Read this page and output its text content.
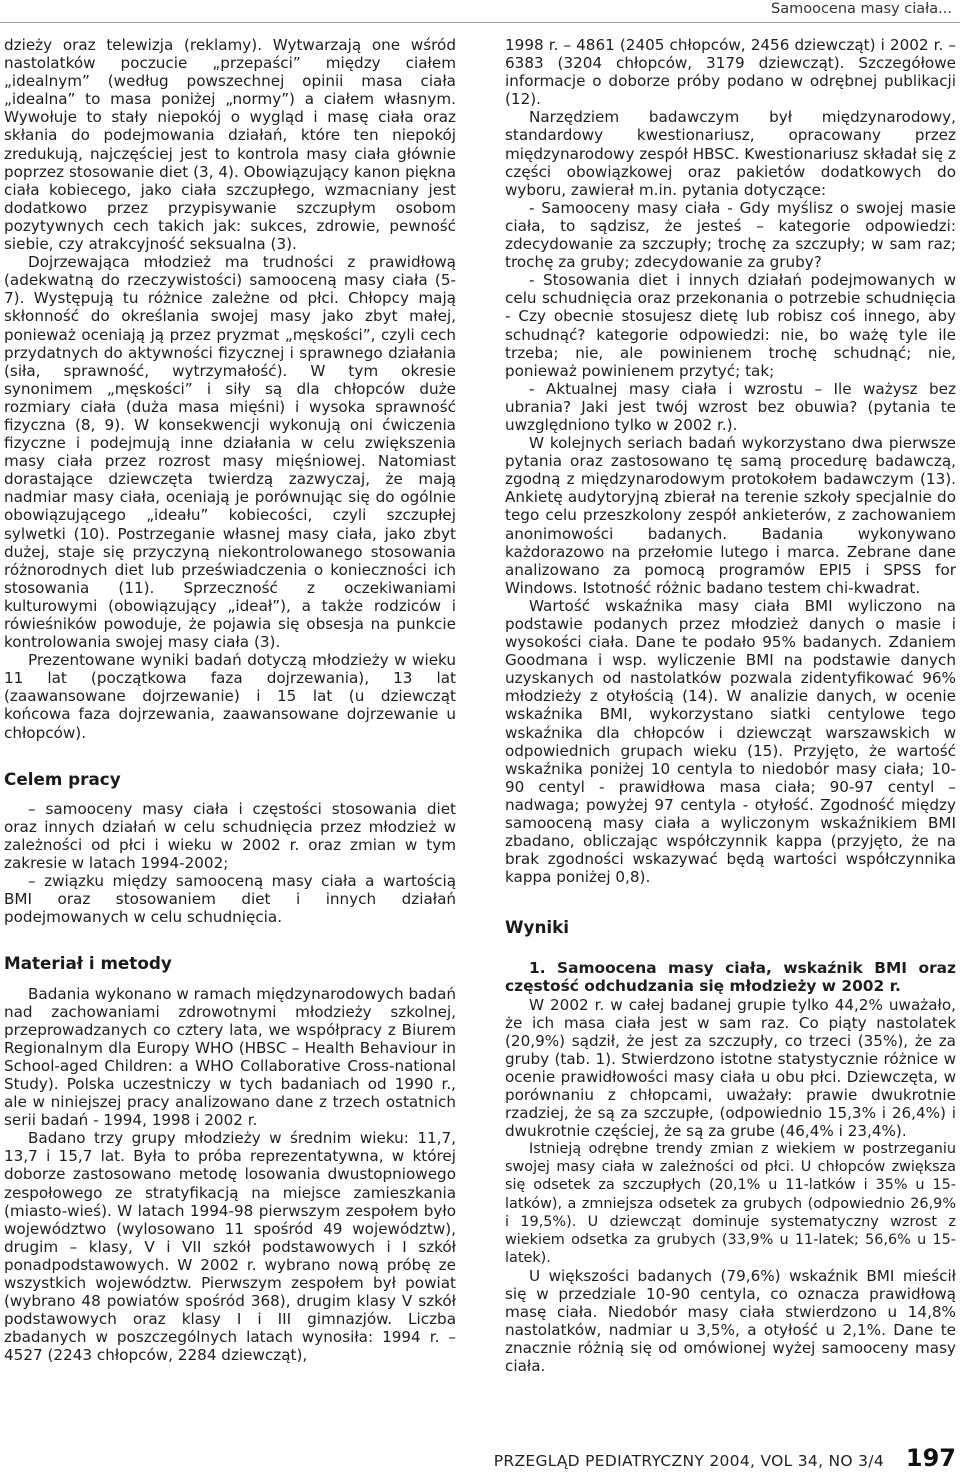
Samoocena masy ciała...

dzieży oraz telewizja (reklamy). Wytwarzają one wśród nastolatków poczucie „przepaści” między ciałem „idealnym” (według powszechnej opinii masa ciała „idealna” to masa poniżej „normy”) a ciałem własnym. Wywołuje to stały niepokój o wygląd i masę ciała oraz skłania do podejmowania działań, które ten niepokój zredukują, najczęściej jest to kontrola masy ciała głównie poprzez stosowanie diet (3, 4). Obowiązujący kanon piękna ciała kobiecego, jako ciała szczupłego, wzmacniany jest dodatkowo przez przypisywanie szczupłym osobom pozytywnych cech takich jak: sukces, zdrowie, pewność siebie, czy atrakcyjność seksualna (3).

Dojrzewająca młodzież ma trudności z prawidłową (adekwatną do rzeczywistości) samooceną masy ciała (5-7). Występują tu różnice zależne od płci. Chłopcy mają skłonność do określania swojej masy jako zbyt małej, ponieważ oceniają ją przez pryzmat „męskości”, czyli cech przydatnych do aktywności fizycznej i sprawnego działania (siła, sprawność, wytrzymałość). W tym okresie synonimem „męskości” i siły są dla chłopców duże rozmiary ciała (duża masa mięśni) i wysoka sprawność fizyczna (8, 9). W konsekwencji wykonują oni ćwiczenia fizyczne i podejmują inne działania w celu zwiększenia masy ciała przez rozrost masy mięśniowej. Natomiast dorastające dziewczęta twierdzą zazwyczaj, że mają nadmiar masy ciała, oceniają je porównując się do ogólnie obowiązującego „ideału” kobiecości, czyli szczupłej sylwetki (10). Postrzeganie własnej masy ciała, jako zbyt dużej, staje się przyczyną niekontrolowanego stosowania różnorodnych diet lub przeświadczenia o konieczności ich stosowania (11). Sprzeczność z oczekiwaniami kulturowymi (obowiązujący „ideał”), a także rodziców i rówieśników powoduje, że pojawia się obsesja na punkcie kontrolowania swojej masy ciała (3).

Prezentowane wyniki badań dotyczą młodzieży w wieku 11 lat (początkowa faza dojrzewania), 13 lat (zaawansowane dojrzewanie) i 15 lat (u dziewcząt końcowa faza dojrzewania, zaawansowane dojrzewanie u chłopców).

Celem pracy

– samooceny masy ciała i częstości stosowania diet oraz innych działań w celu schudnięcia przez młodzież w zależności od płci i wieku w 2002 r. oraz zmian w tym zakresie w latach 1994-2002;

– związku między samooceną masy ciała a wartością BMI oraz stosowaniem diet i innych działań podejmowanych w celu schudnięcia.

Materiał i metody

Badania wykonano w ramach międzynarodowych badań nad zachowaniami zdrowotnymi młodzieży szkolnej, przeprowadzanych co cztery lata, we współpracy z Biurem Regionalnym dla Europy WHO (HBSC – Health Behaviour in School-aged Children: a WHO Collaborative Cross-national Study). Polska uczestniczy w tych badaniach od 1990 r., ale w niniejszej pracy analizowano dane z trzech ostatnich serii badań - 1994, 1998 i 2002 r.

Badano trzy grupy młodzieży w średnim wieku: 11,7, 13,7 i 15,7 lat. Była to próba reprezentatywna, w której doborze zastosowano metodę losowania dwustopniowego zespołowego ze stratyfikacją na miejsce zamieszkania (miasto-wieś). W latach 1994-98 pierwszym zespołem było województwo (wylosowano 11 spośród 49 województw), drugim – klasy, V i VII szkół podstawowych i I szkół ponadpodstawowych. W 2002 r. wybrano nową próbę ze wszystkich województw. Pierwszym zespołem był powiat (wybrano 48 powiatów spośród 368), drugim klasy V szkół podstawowych oraz klasy I i III gimnazjów. Liczba zbadanych w poszczególnych latach wynosiła: 1994 r. – 4527 (2243 chłopców, 2284 dziewcząt),

1998 r. – 4861 (2405 chłopców, 2456 dziewcząt) i 2002 r. – 6383 (3204 chłopców, 3179 dziewcząt). Szczegółowe informacje o doborze próby podano w odrębnej publikacji (12).

Narzędziem badawczym był międzynarodowy, standardowy kwestionariusz, opracowany przez międzynarodowy zespół HBSC. Kwestionariusz składał się z części obowiązkowej oraz pakietów dodatkowych do wyboru, zawierał m.in. pytania dotyczące:

- Samooceny masy ciała - Gdy myślisz o swojej masie ciała, to sądzisz, że jesteś – kategorie odpowiedzi: zdecydowanie za szczupły; trochę za szczupły; w sam raz; trochę za gruby; zdecydowanie za gruby?

- Stosowania diet i innych działań podejmowanych w celu schudnięcia oraz przekonania o potrzebie schudnięcia - Czy obecnie stosujesz dietę lub robisz coś innego, aby schudnąć? kategorie odpowiedzi: nie, bo ważę tyle ile trzeba; nie, ale powinienem trochę schudnąć; nie, ponieważ powinienem przytyć; tak;

- Aktualnej masy ciała i wzrostu – Ile ważysz bez ubrania? Jaki jest twój wzrost bez obuwia? (pytania te uwzględniono tylko w 2002 r.).

W kolejnych seriach badań wykorzystano dwa pierwsze pytania oraz zastosowano tę samą procedurę badawczą, zgodną z międzynarodowym protokołem badawczym (13). Ankietę audytoryjną zbierał na terenie szkoły specjalnie do tego celu przeszkolony zespół ankieterów, z zachowaniem anonimowości badanych. Badania wykonywano każdorazowo na przełomie lutego i marca. Zebrane dane analizowano za pomocą programów EPI5 i SPSS for Windows. Istotność różnic badano testem chi-kwadrat.

Wartość wskaźnika masy ciała BMI wyliczono na podstawie podanych przez młodzież danych o masie i wysokości ciała. Dane te podało 95% badanych. Zdaniem Goodmana i wsp. wyliczenie BMI na podstawie danych uzyskanych od nastolatków pozwala zidentyfikować 96% młodzieży z otyłością (14). W analizie danych, w ocenie wskaźnika BMI, wykorzystano siatki centylowe tego wskaźnika dla chłopców i dziewcząt warszawskich w odpowiednich grupach wieku (15). Przyjęto, że wartość wskaźnika poniżej 10 centyla to niedobór masy ciała; 10-90 centyl - prawidłowa masa ciała; 90-97 centyl – nadwaga; powyżej 97 centyla - otyłość. Zgodność między samooceną masy ciała a wyliczonym wskaźnikiem BMI zbadano, obliczając współczynnik kappa (przyjęto, że na brak zgodności wskazywać będą wartości współczynnika kappa poniżej 0,8).

Wyniki
1. Samoocena masy ciała, wskaźnik BMI oraz częstość odchudzania się młodzieży w 2002 r.

W 2002 r. w całej badanej grupie tylko 44,2% uważało, że ich masa ciała jest w sam raz. Co piąty nastolatek (20,9%) sądził, że jest za szczupły, co trzeci (35%), że za gruby (tab. 1). Stwierdzono istotne statystycznie różnice w ocenie prawidłowości masy ciała u obu płci. Dziewczęta, w porównaniu z chłopcami, uważały: prawie dwukrotnie rzadziej, że są za szczupłe, (odpowiednio 15,3% i 26,4%) i dwukrotnie częściej, że są za grube (46,4% i 23,4%).

Istnieją odrębne trendy zmian z wiekiem w postrzeganiu swojej masy ciała w zależności od płci. U chłopców zwiększa się odsetek za szczupłych (20,1% u 11-latków i 35% u 15-latków), a zmniejsza odsetek za grubych (odpowiednio 26,9% i 19,5%). U dziewcząt dominuje systematyczny wzrost z wiekiem odsetka za grubych (33,9% u 11-latek; 56,6% u 15-latek).

U większości badanych (79,6%) wskaźnik BMI mieścił się w przedziale 10-90 centyla, co oznacza prawidłową masę ciała. Niedobór masy ciała stwierdzono u 14,8% nastolatków, nadmiar u 3,5%, a otyłość u 2,1%. Dane te znacznie różnią się od omówionej wyżej samooceny masy ciała.

PRZEGLĄD PEDIATRYCZNY 2004, VOL 34, NO 3/4 197
